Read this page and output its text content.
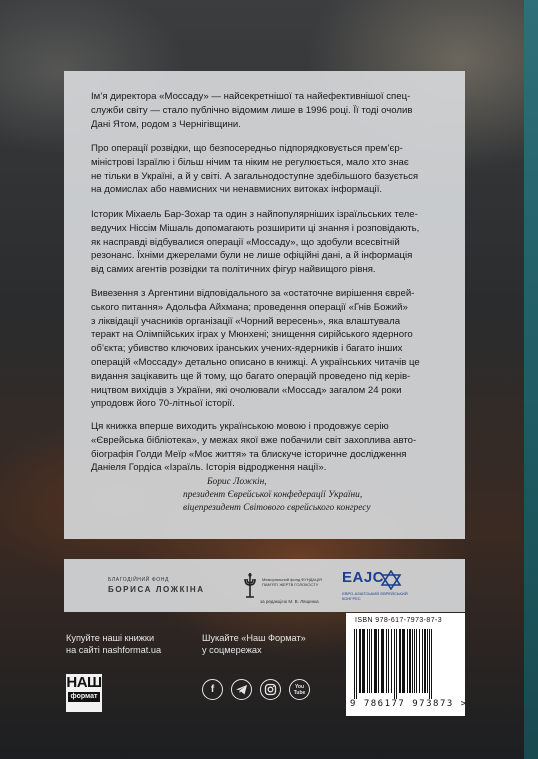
Ім’я директора «Моссаду» — найсекретнішої та найефективнішої спец-
служби світу — стало публічно відомим лише в 1996 році. Її тоді очолив
Дані Ятом, родом з Чернігівщини.

Про операції розвідки, що безпосередньо підпорядковується прем’єр-
міністрові Ізраїлю і більш нічим та ніким не регулюється, мало хто знає
не тільки в Україні, а й у світі. А загальнодоступне здебільшого базується
на домислах або навмисних чи ненавмисних витоках інформації.

Історик Міхаель Бар-Зохар та один з найпопулярніших ізраїльських теле-
ведучих Ніссім Мішаль допомагають розширити ці знання і розповідають,
як насправді відбувалися операції «Моссаду», що здобули всесвітній
резонанс. Їхніми джерелами були не лише офіційні дані, а й інформація
від самих агентів розвідки та політичних фігур найвищого рівня.

Вивезення з Аргентини відповідального за «остаточне вирішення єврей-
ського питання» Адольфа Айхмана; проведення операції «Гнів Божий»
з ліквідації учасників організації «Чорний вересень», яка влаштувала
теракт на Олімпійських іграх у Мюнхені; знищення сирійського ядерного
об’єкта; убивство ключових іранських учених-ядерників і багато інших
операцій «Моссаду» детально описано в книжці. А українських читачів це
видання зацікавить ще й тому, що багато операцій проведено під керів-
ництвом вихідців з України, які очолювали «Моссад» загалом 24 роки
упродовж його 70-літньої історії.

Ця книжка вперше виходить українською мовою і продовжує серію
«Єврейська бібліотека», у межах якої вже побачили світ захоплива авто-
біографія Голди Меїр «Моє життя» та блискуче історичне дослідження
Даніеля Гордіса «Ізраїль. Історія відродження нації».

Борис Ложкін,
президент Єврейської конфедерації України,
віцепрезидент Світового єврейського конгресу
БЛАГОДІЙНИЙ ФОНД
БОРИСА ЛОЖКІНА
Меморіальний фонд ФУНДАЦІЯ ПАМ’ЯТІ ЖЕРТВ ГОЛОКОСТУ
за редакцією М. В. Лященка
EAJC
ЄВРО-АЗІАТСЬКИЙ ЄВРЕЙСЬКИЙ КОНГРЕС
Купуйте наші книжки
на сайті nashformat.ua
НАШ
формат
Шукайте «Наш Формат»
у соцмережах
f	You Tube
ISBN 978-617-7973-87-3
9 786177 973873 >
